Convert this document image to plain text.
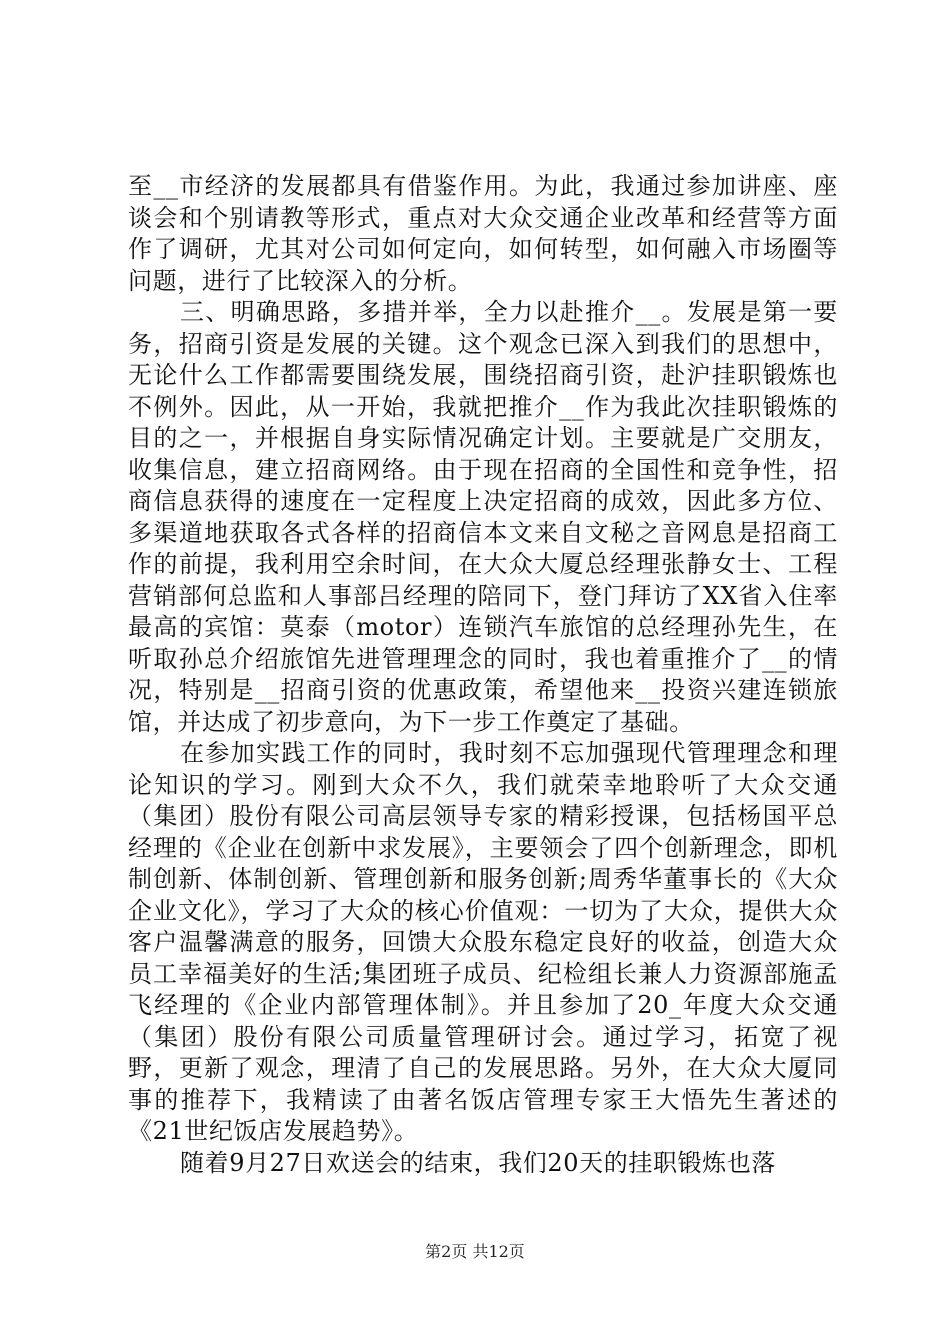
至__市经济的发展都具有借鉴作用。为此，我通过参加讲座、座谈会和个别请教等形式，重点对大众交通企业改革和经营等方面作了调研，尤其对公司如何定向，如何转型，如何融入市场圈等问题，进行了比较深入的分析。

三、明确思路，多措并举，全力以赴推介__。发展是第一要务，招商引资是发展的关键。这个观念已深入到我们的思想中，无论什么工作都需要围绕发展，围绕招商引资，赴沪挂职锻炼也不例外。因此，从一开始，我就把推介__作为我此次挂职锻炼的目的之一，并根据自身实际情况确定计划。主要就是广交朋友，收集信息，建立招商网络。由于现在招商的全国性和竞争性，招商信息获得的速度在一定程度上决定招商的成效，因此多方位、多渠道地获取各式各样的招商信本文来自文秘之音网息是招商工作的前提，我利用空余时间，在大众大厦总经理张静女士、工程营销部何总监和人事部吕经理的陪同下，登门拜访了XX省入住率最高的宾馆：莫泰（motor）连锁汽车旅馆的总经理孙先生，在听取孙总介绍旅馆先进管理理念的同时，我也着重推介了__的情况，特别是__招商引资的优惠政策，希望他来__投资兴建连锁旅馆，并达成了初步意向，为下一步工作奠定了基础。

在参加实践工作的同时，我时刻不忘加强现代管理理念和理论知识的学习。刚到大众不久，我们就荣幸地聆听了大众交通（集团）股份有限公司高层领导专家的精彩授课，包括杨国平总经理的《企业在创新中求发展》，主要领会了四个创新理念，即机制创新、体制创新、管理创新和服务创新;周秀华董事长的《大众企业文化》，学习了大众的核心价值观：一切为了大众，提供大众客户温馨满意的服务，回馈大众股东稳定良好的收益，创造大众员工幸福美好的生活;集团班子成员、纪检组长兼人力资源部施孟飞经理的《企业内部管理体制》。并且参加了20_年度大众交通（集团）股份有限公司质量管理研讨会。通过学习，拓宽了视野，更新了观念，理清了自己的发展思路。另外，在大众大厦同事的推荐下，我精读了由著名饭店管理专家王大悟先生著述的《21世纪饭店发展趋势》。

随着9月27日欢送会的结束，我们20天的挂职锻炼也落

第2页 共12页
